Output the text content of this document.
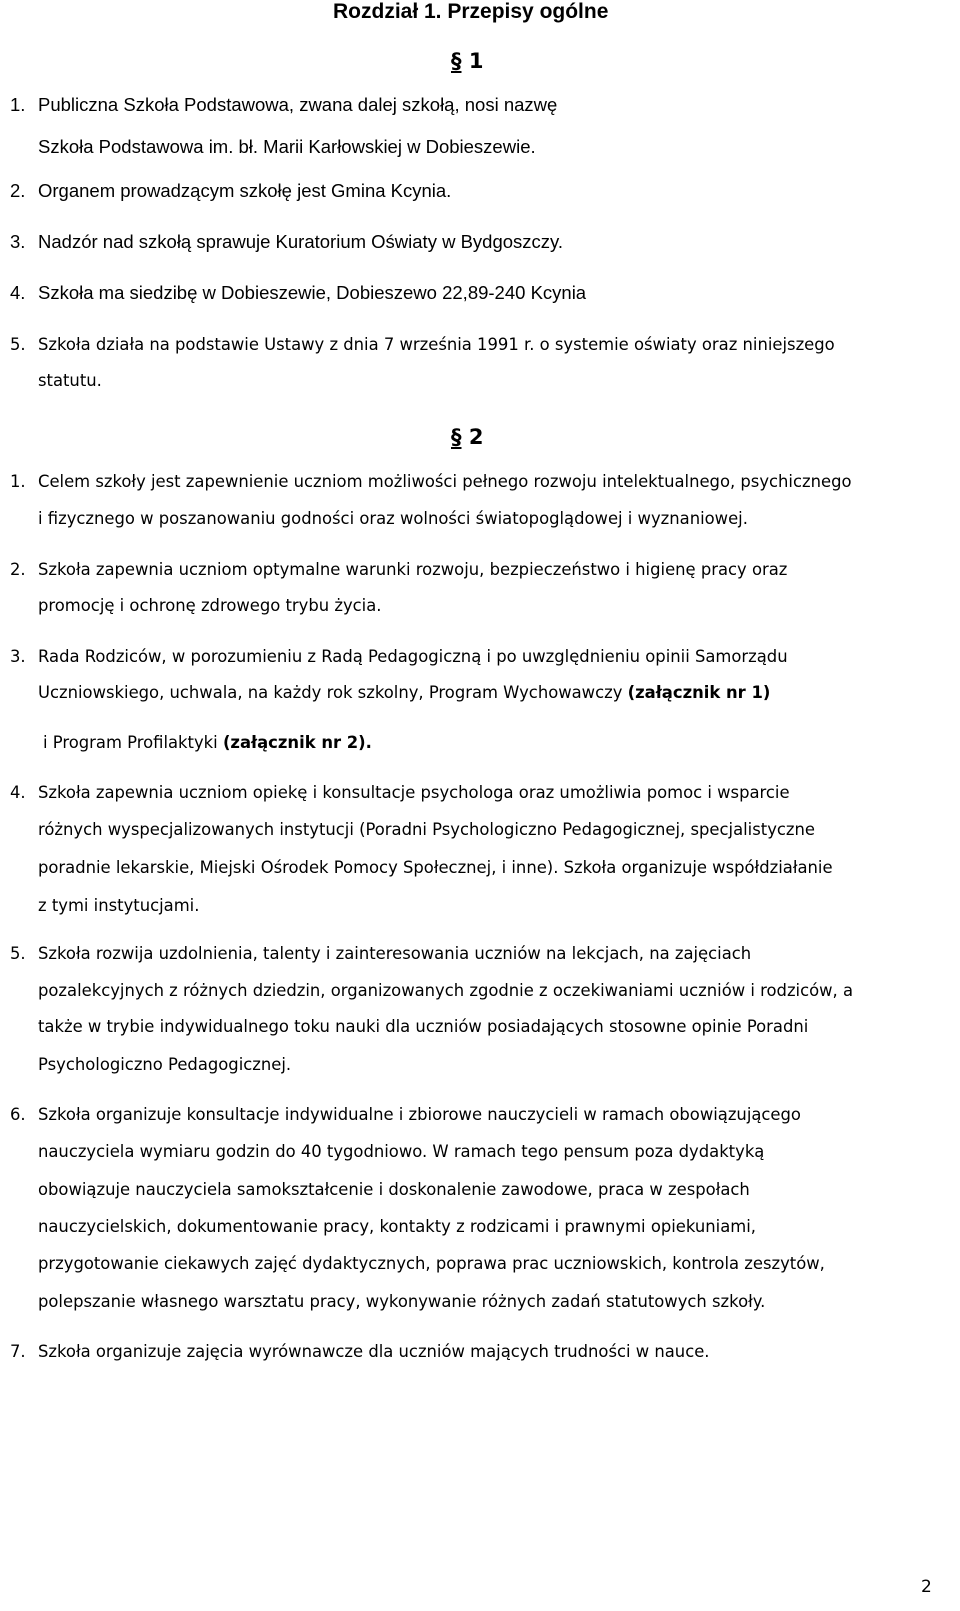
Rozdział 1. Przepisy ogólne
§ 1
1. Publiczna Szkoła Podstawowa, zwana dalej szkołą, nosi nazwę
Szkoła Podstawowa im. bł. Marii Karłowskiej w Dobieszewie.
2. Organem prowadzącym szkołę jest Gmina Kcynia.
3. Nadzór nad szkołą sprawuje Kuratorium Oświaty w Bydgoszczy.
4. Szkoła ma siedzibę w Dobieszewie, Dobieszewo 22,89-240 Kcynia
5. Szkoła działa na podstawie Ustawy z dnia 7 września 1991 r. o systemie oświaty oraz niniejszego
statutu.
§ 2
1. Celem szkoły jest zapewnienie uczniom możliwości pełnego rozwoju intelektualnego, psychicznego
i fizycznego w poszanowaniu godności oraz wolności światopoglądowej i wyznaniowej.
2. Szkoła zapewnia uczniom optymalne warunki rozwoju, bezpieczeństwo i higienę pracy oraz
promocję i ochronę zdrowego trybu życia.
3. Rada Rodziców, w porozumieniu z Radą Pedagogiczną i po uwzględnieniu opinii Samorządu
Uczniowskiego, uchwala, na każdy rok szkolny, Program Wychowawczy (załącznik nr 1)
i Program Profilaktyki (załącznik nr 2).
4. Szkoła zapewnia uczniom opiekę i konsultacje psychologa oraz umożliwia pomoc i wsparcie
różnych wyspecjalizowanych instytucji (Poradni Psychologiczno Pedagogicznej, specjalistyczne
poradnie lekarskie, Miejski Ośrodek Pomocy Społecznej, i inne). Szkoła organizuje współdziałanie
z tymi instytucjami.
5. Szkoła rozwija uzdolnienia, talenty i zainteresowania uczniów na lekcjach, na zajęciach
pozalekcyjnych z różnych dziedzin, organizowanych zgodnie z oczekiwaniami uczniów i rodziców, a
także w trybie indywidualnego toku nauki dla uczniów posiadających stosowne opinie Poradni
Psychologiczno Pedagogicznej.
6. Szkoła organizuje konsultacje indywidualne i zbiorowe nauczycieli w ramach obowiązującego
nauczyciela wymiaru godzin do 40 tygodniowo. W ramach tego pensum poza dydaktyką
obowiązuje nauczyciela samokształcenie i doskonalenie zawodowe, praca w zespołach
nauczycielskich, dokumentowanie pracy, kontakty z rodzicami i prawnymi opiekuniami,
przygotowanie ciekawych zajęć dydaktycznych, poprawa prac uczniowskich, kontrola zeszytów,
polepszanie własnego warsztatu pracy, wykonywanie różnych zadań statutowych szkoły.
7. Szkoła organizuje zajęcia wyrównawcze dla uczniów mających trudności w nauce.
2
